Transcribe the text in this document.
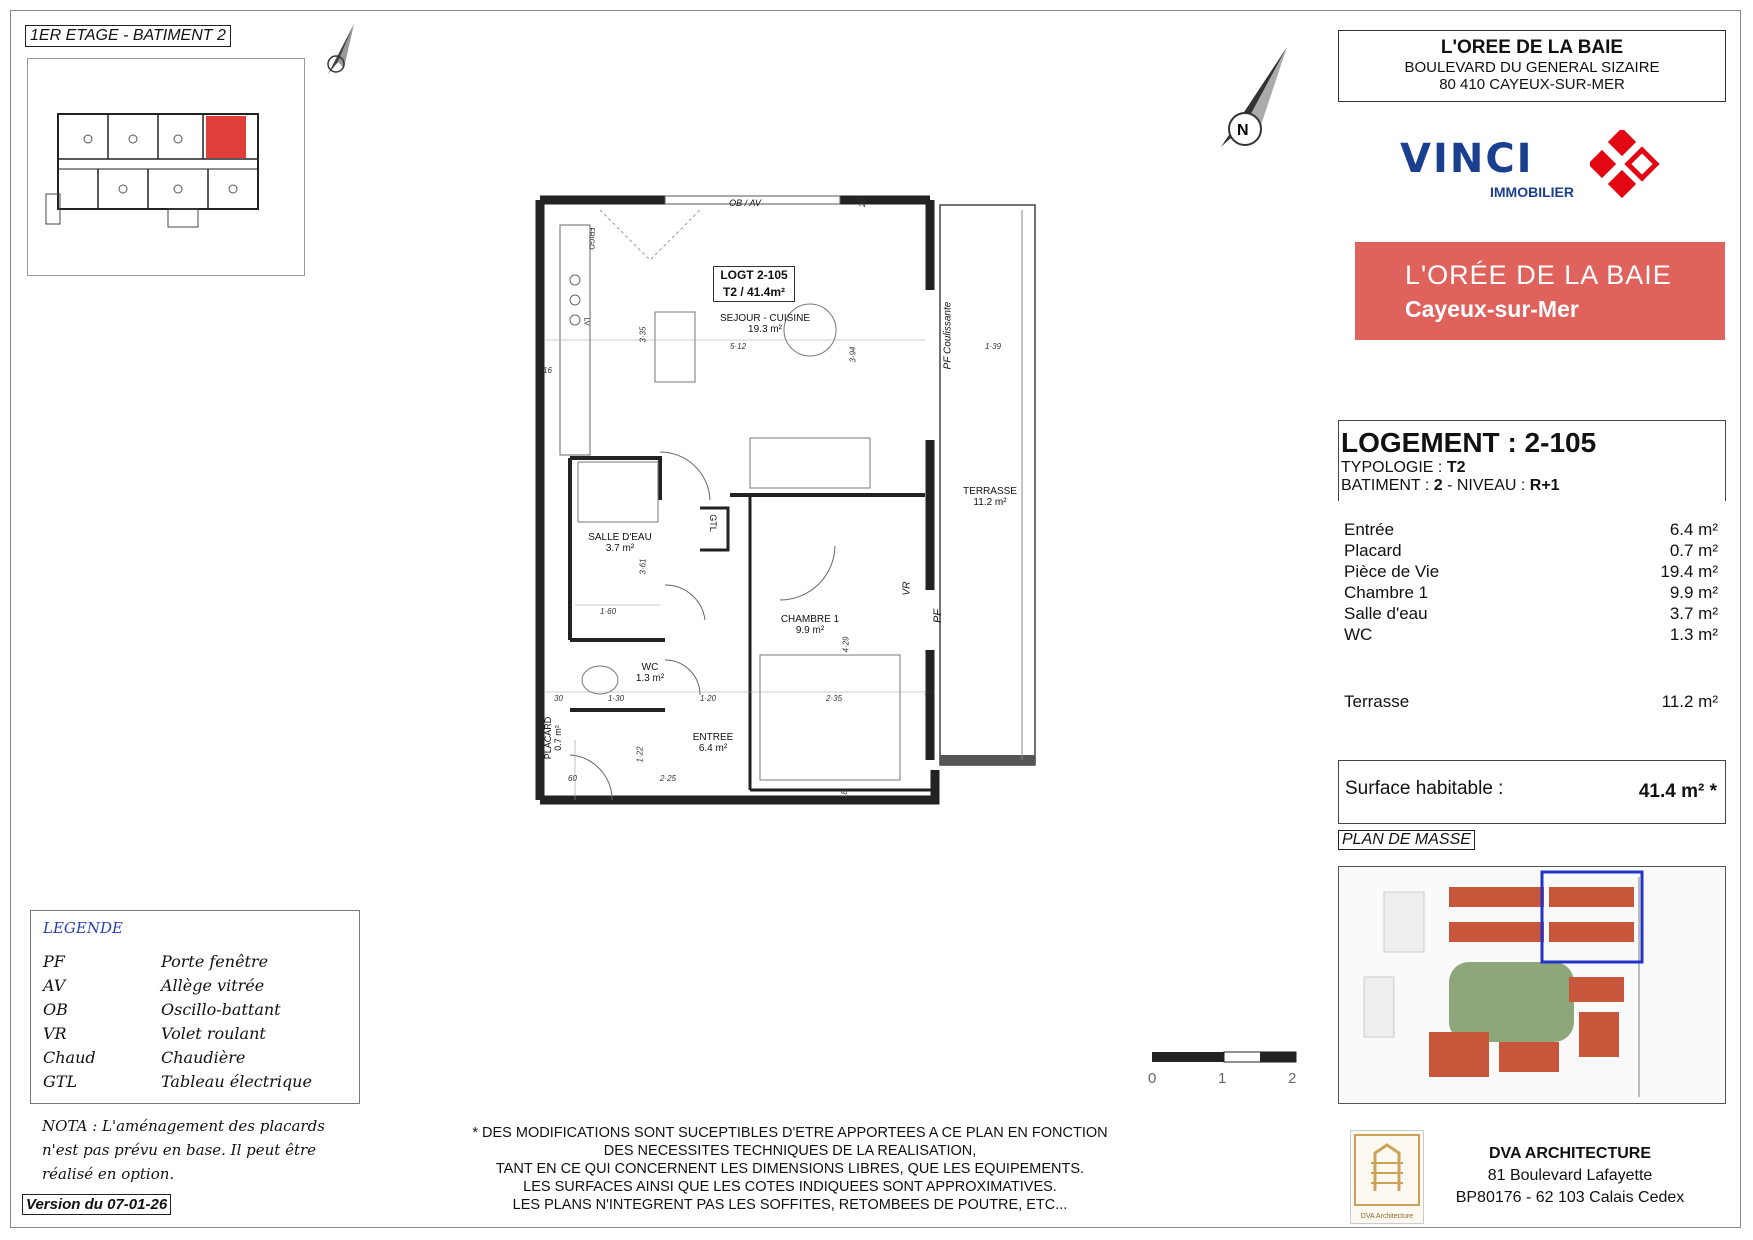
1ER ETAGE - BATIMENT 2
N
L'OREE DE LA BAIE
BOULEVARD DU GENERAL SIZAIRE
80 410 CAYEUX-SUR-MER
VINCI
IMMOBILIER
L'ORÉE DE LA BAIE
Cayeux-sur-Mer
LOGEMENT : 2-105
TYPOLOGIE : T2
BATIMENT : 2 - NIVEAU : R+1
Entrée	6.4 m²
Placard	0.7 m²
Pièce de Vie	19.4 m²
Chambre 1	9.9 m²
Salle d'eau	3.7 m²
WC	1.3 m²
Terrasse	11.2 m²
Surface habitable :	41.4 m² *
PLAN DE MASSE
LOGT 2-105
T2 / 41.4m²
OB / AV
SEJOUR - CUISINE
19.3 m²
TERRASSE
11.2 m²
SALLE D'EAU
3.7 m²
CHAMBRE 1
9.9 m²
WC
1.3 m²
ENTREE
6.4 m²
PLACARD 0.7 m²
PF Coulissante
PF
VR
GTL
FRIGO
LV
3·35
3·94
5·12	1·39
3·61
1·60
1·30	1·20	2·35
4·29
1·22
2·25
60
30
20
20
16
18
0	1	2
LEGENDE
PF	Porte fenêtre
AV	Allège vitrée
OB	Oscillo-battant
VR	Volet roulant
Chaud	Chaudière
GTL	Tableau électrique
NOTA : L'aménagement des placards
n'est pas prévu en base. Il peut être
réalisé en option.
Version du 07-01-26
* DES MODIFICATIONS SONT SUCEPTIBLES D'ETRE APPORTEES A CE PLAN EN FONCTION
DES NECESSITES TECHNIQUES DE LA REALISATION,
TANT EN CE QUI CONCERNENT LES DIMENSIONS LIBRES, QUE LES EQUIPEMENTS.
LES SURFACES AINSI QUE LES COTES INDIQUEES SONT APPROXIMATIVES.
LES PLANS N'INTEGRENT PAS LES SOFFITES, RETOMBEES DE POUTRE, ETC...
DVA Architecture
DVA ARCHITECTURE
81 Boulevard Lafayette
BP80176 - 62 103 Calais Cedex
